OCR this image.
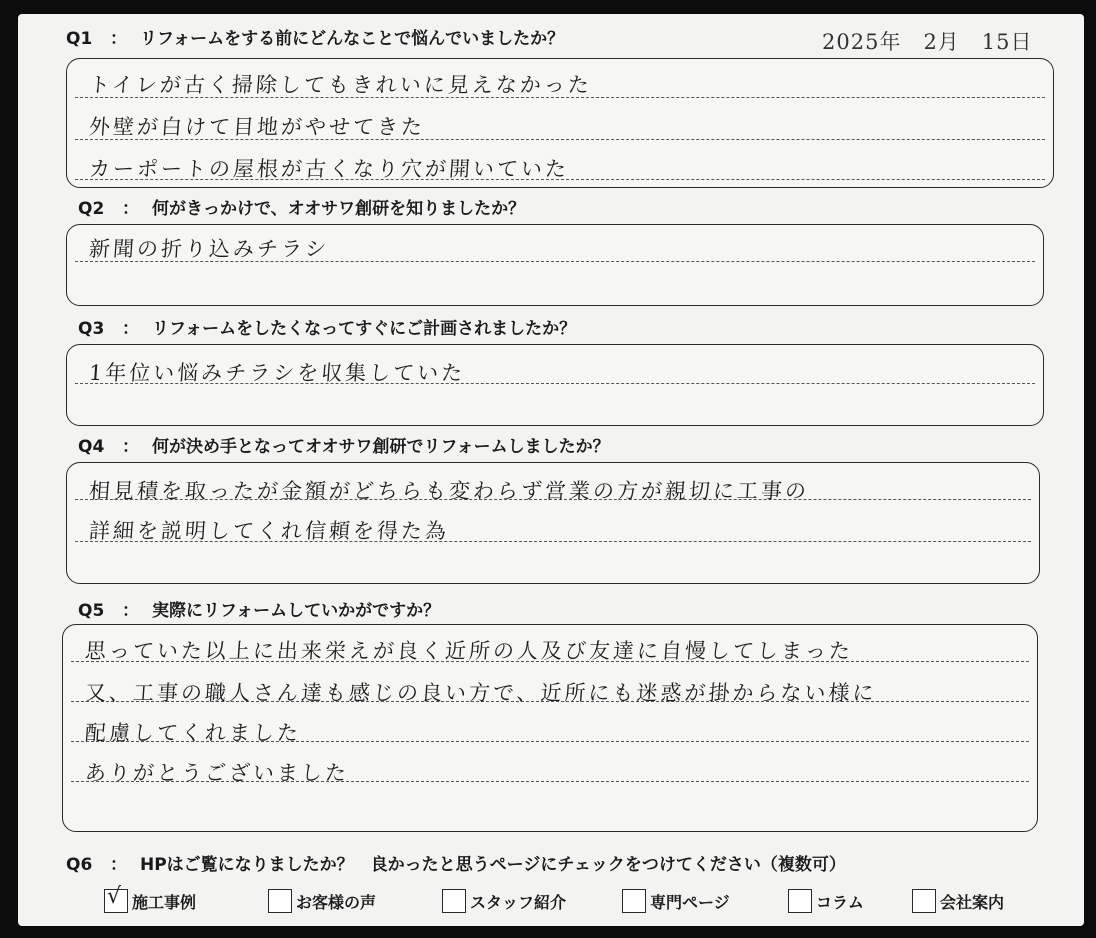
Q1 ： リフォームをする前にどんなことで悩んでいましたか？	2025年　2月　15日
トイレが古く掃除してもきれいに見えなかった
外壁が白けて目地がやせてきた
カーポートの屋根が古くなり穴が開いていた
Q2 ： 何がきっかけで、オオサワ創研を知りましたか？
新聞の折り込みチラシ
Q3 ： リフォームをしたくなってすぐにご計画されましたか？
1年位い悩みチラシを収集していた
Q4 ： 何が決め手となってオオサワ創研でリフォームしましたか？
相見積を取ったが金額がどちらも変わらず営業の方が親切に工事の
詳細を説明してくれ信頼を得た為
Q5 ： 実際にリフォームしていかがですか？
思っていた以上に出来栄えが良く近所の人及び友達に自慢してしまった
又、工事の職人さん達も感じの良い方で、近所にも迷惑が掛からない様に
配慮してくれました
ありがとうございました
Q6 ： HPはご覧になりましたか？　良かったと思うページにチェックをつけてください（複数可）
√ 施工事例	お客様の声	スタッフ紹介	専門ページ	コラム	会社案内
